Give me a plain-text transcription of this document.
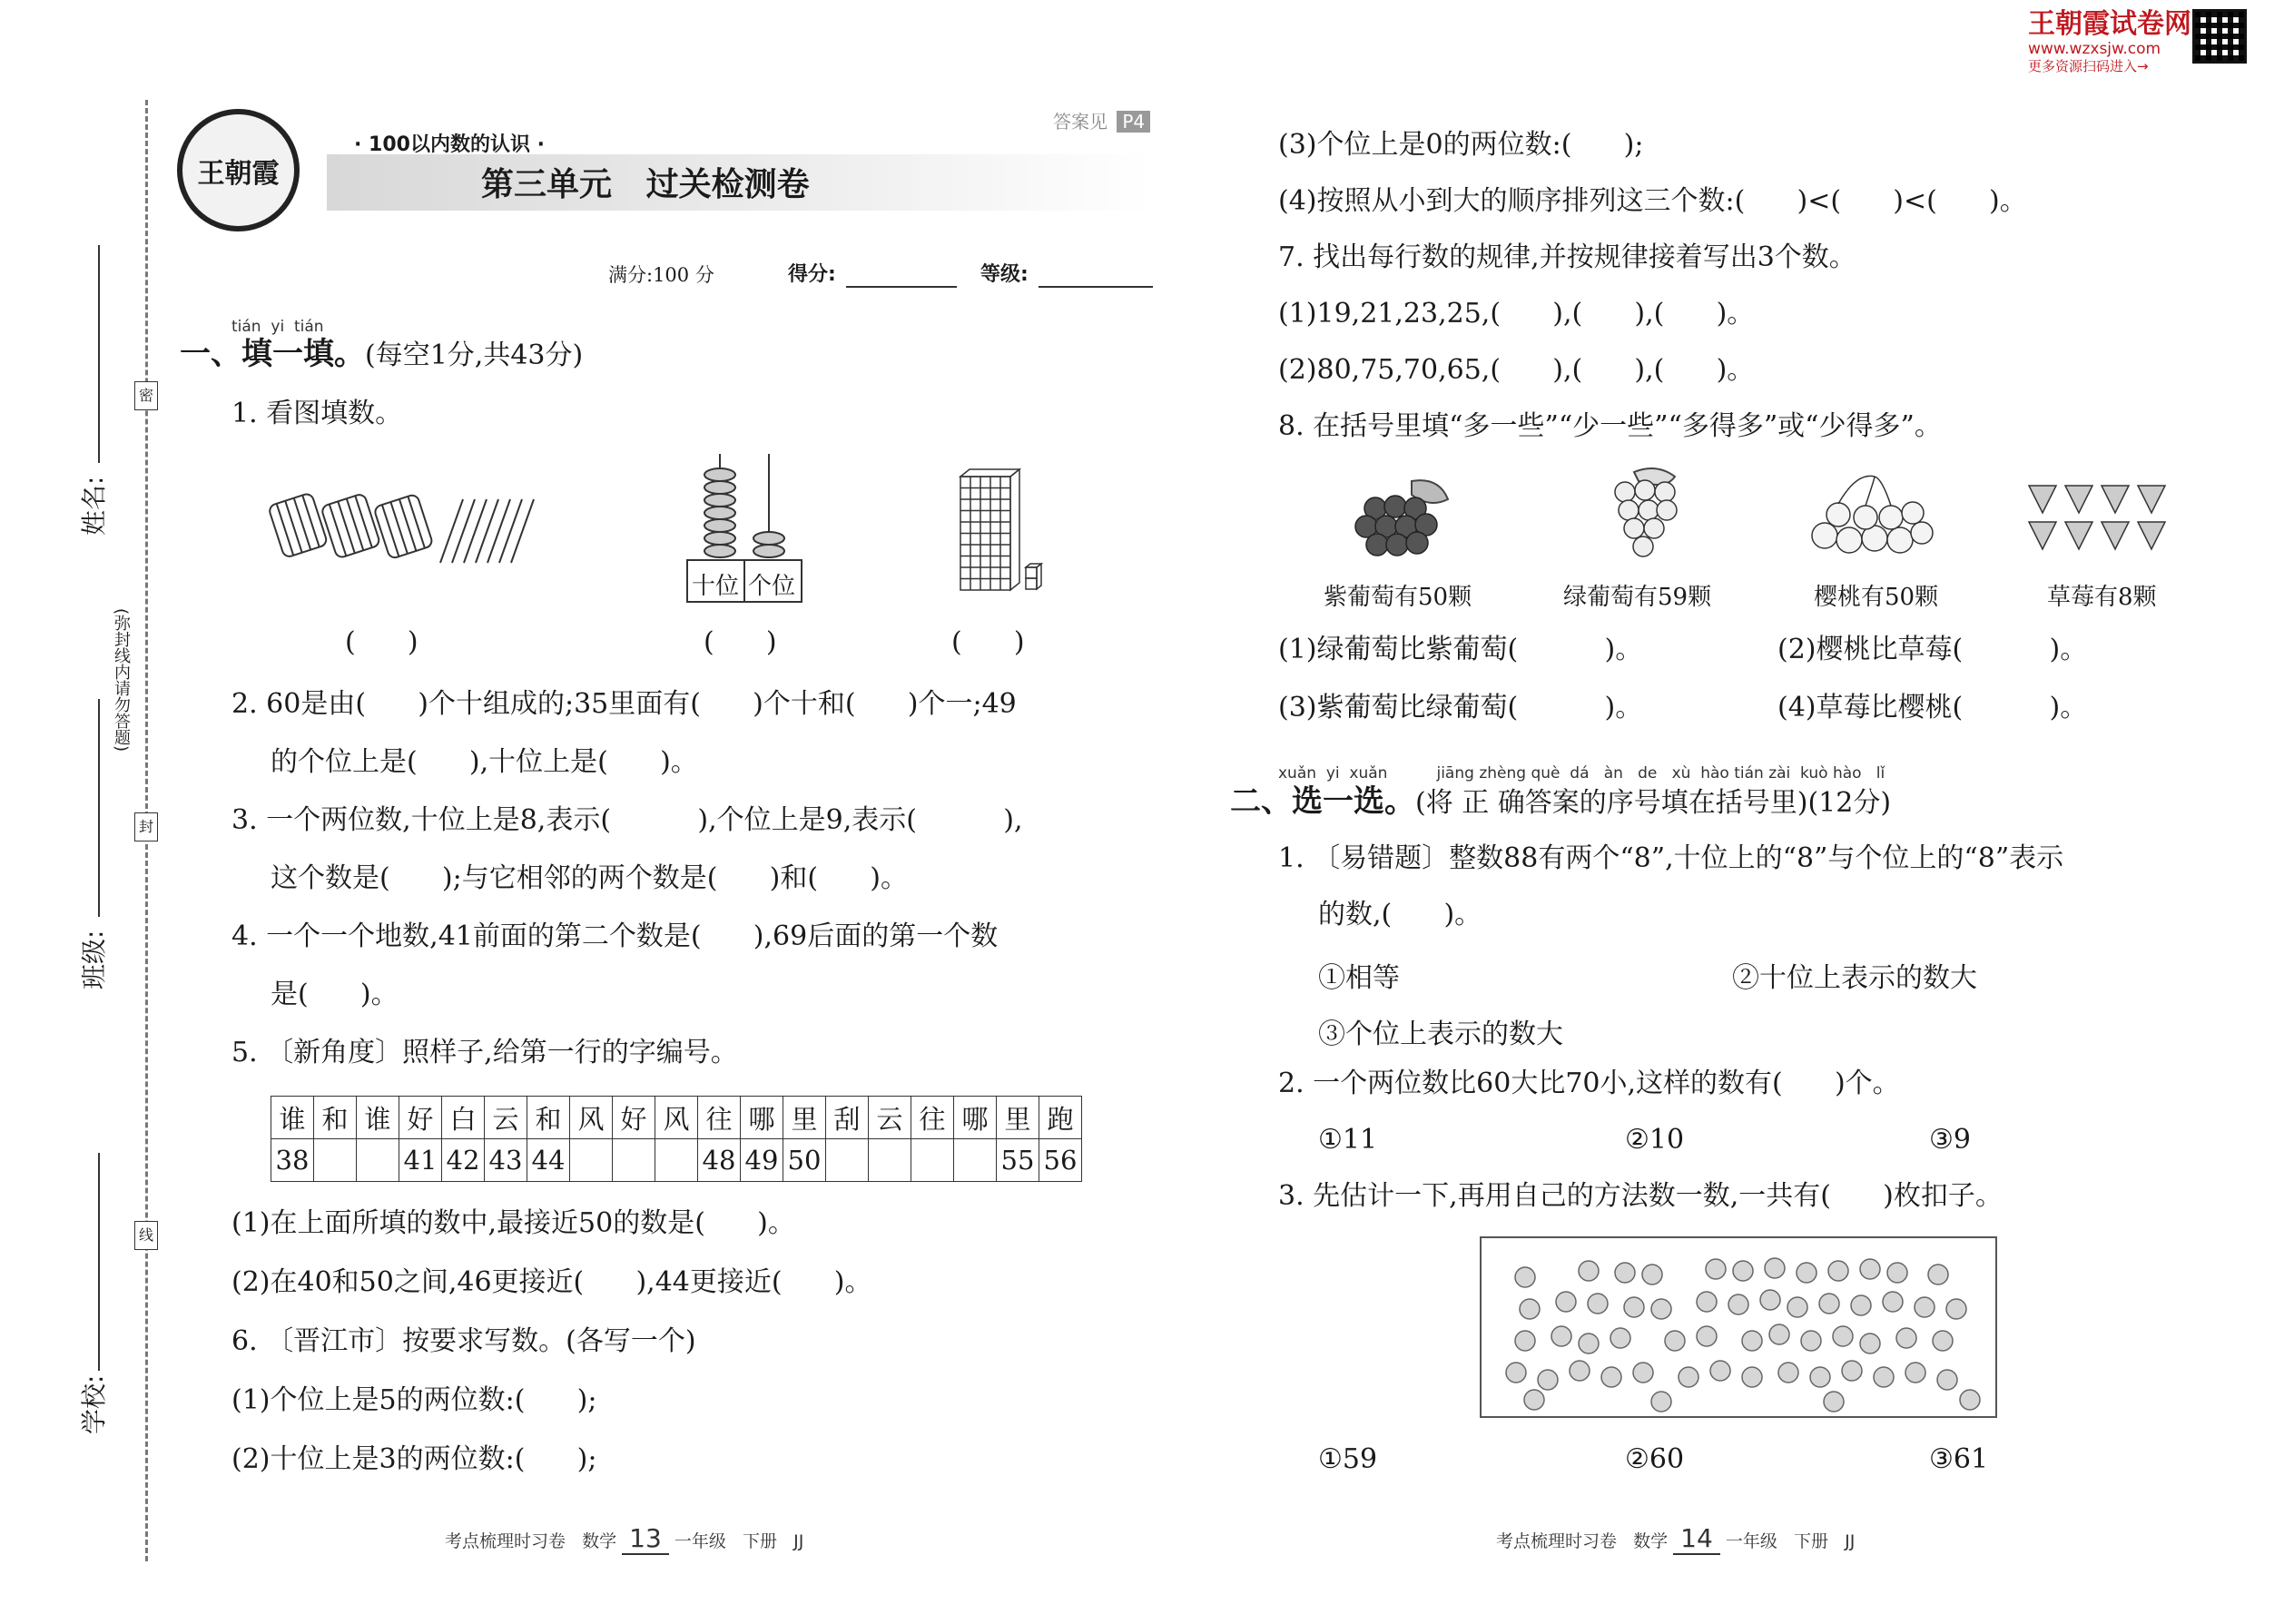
王朝霞试卷网
www.wzxsjw.com
更多资源扫码进入→
姓名:
班级:
学校:
(弥封线内请勿答题)
密
封
线
王朝霞
· 100以内数的认识 ·
答案见 P4
第三单元   过关检测卷
满分:100 分	得分:	等级:
tián  yi  tián
一、填一填。(每空1分,共43分)
1. 看图填数。
十位 个位
(      )	(      )	(      )
2. 60是由(      )个十组成的;35里面有(      )个十和(      )个一;49
的个位上是(      ),十位上是(      )。
3. 一个两位数,十位上是8,表示(          ),个位上是9,表示(          ),
这个数是(      );与它相邻的两个数是(      )和(      )。
4. 一个一个地数,41前面的第二个数是(      ),69后面的第一个数
是(      )。
5. 〔新角度〕照样子,给第一行的字编号。
谁	和	谁	好	白	云	和	风	好	风	往	哪	里	刮	云	往	哪	里	跑
38			41	42	43	44				48	49	50					55	56
(1)在上面所填的数中,最接近50的数是(      )。
(2)在40和50之间,46更接近(      ),44更接近(      )。
6. 〔晋江市〕按要求写数。(各写一个)
(1)个位上是5的两位数:(      );
(2)十位上是3的两位数:(      );
考点梳理时习卷   数学 13 一年级   下册   JJ
(3)个位上是0的两位数:(      );
(4)按照从小到大的顺序排列这三个数:(      )<(      )<(      )。
7. 找出每行数的规律,并按规律接着写出3个数。
(1)19,21,23,25,(      ),(      ),(      )。
(2)80,75,70,65,(      ),(      ),(      )。
8. 在括号里填“多一些”“少一些”“多得多”或“少得多”。
紫葡萄有50颗	绿葡萄有59颗	樱桃有50颗	草莓有8颗
(1)绿葡萄比紫葡萄(          )。	(2)樱桃比草莓(          )。
(3)紫葡萄比绿葡萄(          )。	(4)草莓比樱桃(          )。
xuǎn  yi  xuǎn          jiāng zhèng què  dá   àn   de   xù  hào tián zài  kuò hào   lǐ
二、选一选。(将 正 确答案的序号填在括号里)(12分)
1. 〔易错题〕整数88有两个“8”,十位上的“8”与个位上的“8”表示
的数,(      )。
①相等	②十位上表示的数大
③个位上表示的数大
2. 一个两位数比60大比70小,这样的数有(      )个。
①11	②10	③9
3. 先估计一下,再用自己的方法数一数,一共有(      )枚扣子。
①59	②60	③61
考点梳理时习卷   数学 14 一年级   下册   JJ
